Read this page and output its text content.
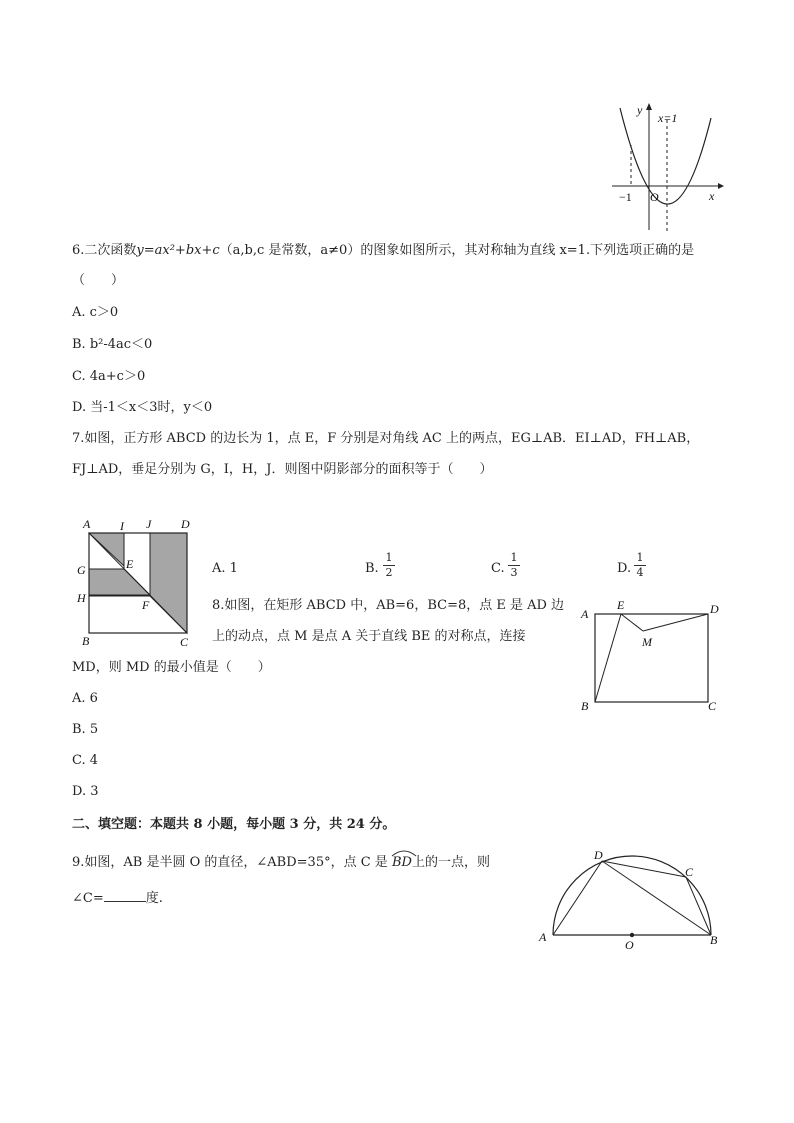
y
x=1
x
−1 O
6.二次函数y=ax²+bx+c（a,b,c 是常数，a≠0）的图象如图所示，其对称轴为直线 x=1.下列选项正确的是
（　　）
A. c＞0
B. b²-4ac＜0
C. 4a+c＞0
D. 当-1＜x＜3时，y＜0
7.如图，正方形 ABCD 的边长为 1，点 E，F 分别是对角线 AC 上的两点，EG⊥AB．EI⊥AD，FH⊥AB，
FJ⊥AD，垂足分别为 G，I，H，J．则图中阴影部分的面积等于（　　）
A I J D
G	E
H	F
B	C
A. 1	B.
1
2	C.
1
3	D.
1
4
8.如图，在矩形 ABCD 中，AB=6，BC=8，点 E 是 AD 边
上的动点，点 M 是点 A 关于直线 BE 的对称点，连接
MD，则 MD 的最小值是（　　）
A. 6
B. 5
C. 4
D. 3
A
E	D
M
B	C
二、填空题：本题共 8 小题，每小题 3 分，共 24 分。
9.如图，AB 是半圆 O 的直径，∠ABD=35°，点 C 是 BD上的一点，则
∠C=	度.
D
C
A
O	B
